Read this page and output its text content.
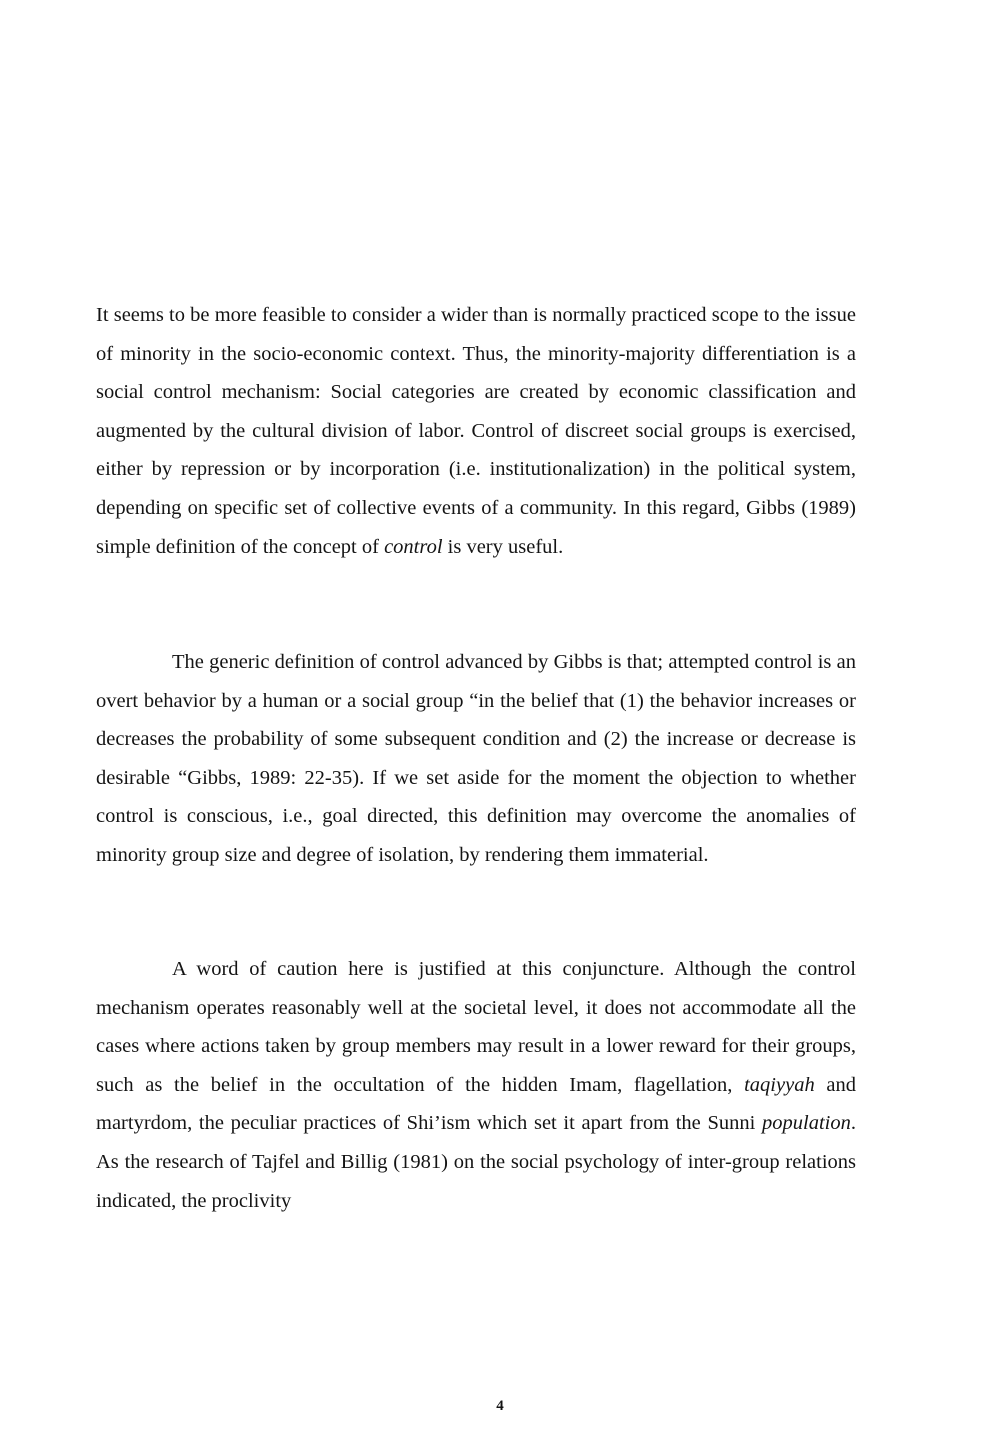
It seems to be more feasible to consider a wider than is normally practiced scope to the issue of minority in the socio-economic context. Thus, the minority-majority differentiation is a social control mechanism: Social categories are created by economic classification and augmented by the cultural division of labor. Control of discreet social groups is exercised, either by repression or by incorporation (i.e. institutionalization) in the political system, depending on specific set of collective events of a community. In this regard, Gibbs (1989) simple definition of the concept of control is very useful.

The generic definition of control advanced by Gibbs is that; attempted control is an overt behavior by a human or a social group “in the belief that (1) the behavior increases or decreases the probability of some subsequent condition and (2) the increase or decrease is desirable “Gibbs, 1989: 22-35). If we set aside for the moment the objection to whether control is conscious, i.e., goal directed, this definition may overcome the anomalies of minority group size and degree of isolation, by rendering them immaterial.

A word of caution here is justified at this conjuncture. Although the control mechanism operates reasonably well at the societal level, it does not accommodate all the cases where actions taken by group members may result in a lower reward for their groups, such as the belief in the occultation of the hidden Imam, flagellation, taqiyyah and martyrdom, the peculiar practices of Shi’ism which set it apart from the Sunni population. As the research of Tajfel and Billig (1981) on the social psychology of inter-group relations indicated, the proclivity

4
